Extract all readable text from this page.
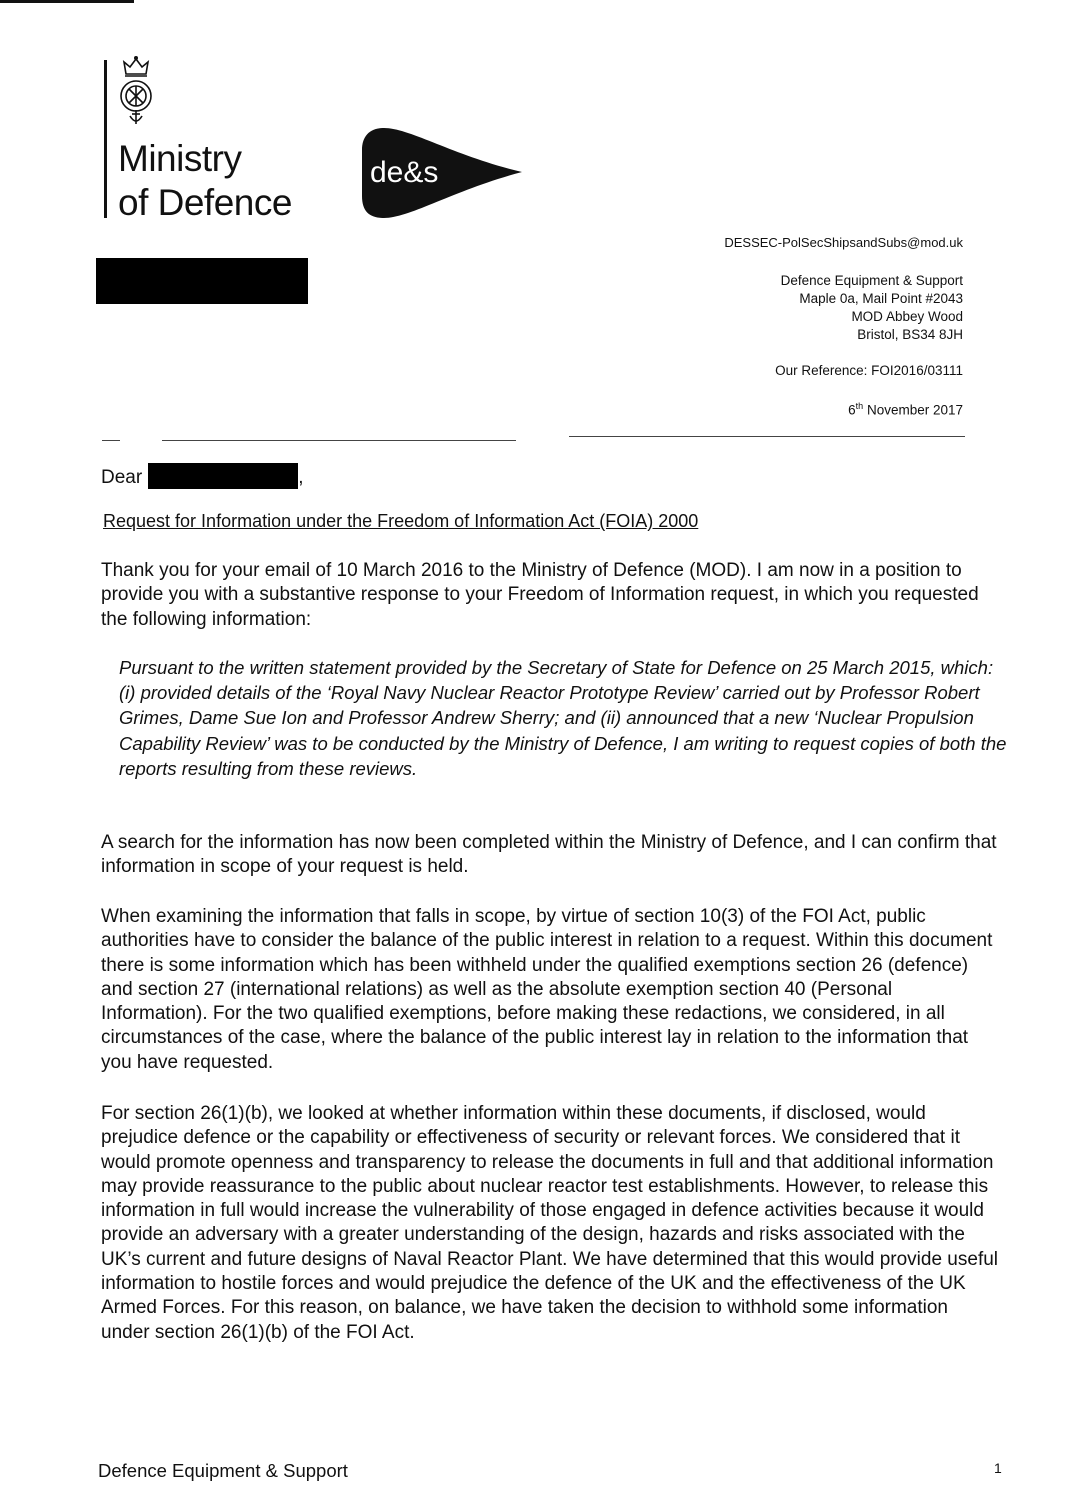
Ministry
of Defence
de&s
DESSEC-PolSecShipsandSubs@mod.uk
Defence Equipment & Support
Maple 0a, Mail Point #2043
MOD Abbey Wood
Bristol, BS34 8JH
Our Reference: FOI2016/03111
6th November 2017
Dear	,
Request for Information under the Freedom of Information Act (FOIA) 2000
Thank you for your email of 10 March 2016 to the Ministry of Defence (MOD). I am now in a position to provide you with a substantive response to your Freedom of Information request, in which you requested the following information:
Pursuant to the written statement provided by the Secretary of State for Defence on 25 March 2015, which: (i) provided details of the ‘Royal Navy Nuclear Reactor Prototype Review’ carried out by Professor Robert Grimes, Dame Sue Ion and Professor Andrew Sherry; and (ii) announced that a new ‘Nuclear Propulsion Capability Review’ was to be conducted by the Ministry of Defence, I am writing to request copies of both the reports resulting from these reviews.
A search for the information has now been completed within the Ministry of Defence, and I can confirm that information in scope of your request is held.
When examining the information that falls in scope, by virtue of section 10(3) of the FOI Act, public authorities have to consider the balance of the public interest in relation to a request. Within this document there is some information which has been withheld under the qualified exemptions section 26 (defence) and section 27 (international relations) as well as the absolute exemption section 40 (Personal Information). For the two qualified exemptions, before making these redactions, we considered, in all circumstances of the case, where the balance of the public interest lay in relation to the information that you have requested.
For section 26(1)(b), we looked at whether information within these documents, if disclosed, would prejudice defence or the capability or effectiveness of security or relevant forces. We considered that it would promote openness and transparency to release the documents in full and that additional information may provide reassurance to the public about nuclear reactor test establishments. However, to release this information in full would increase the vulnerability of those engaged in defence activities because it would provide an adversary with a greater understanding of the design, hazards and risks associated with the UK’s current and future designs of Naval Reactor Plant. We have determined that this would provide useful information to hostile forces and would prejudice the defence of the UK and the effectiveness of the UK Armed Forces. For this reason, on balance, we have taken the decision to withhold some information under section 26(1)(b) of the FOI Act.
Defence Equipment & Support	1
